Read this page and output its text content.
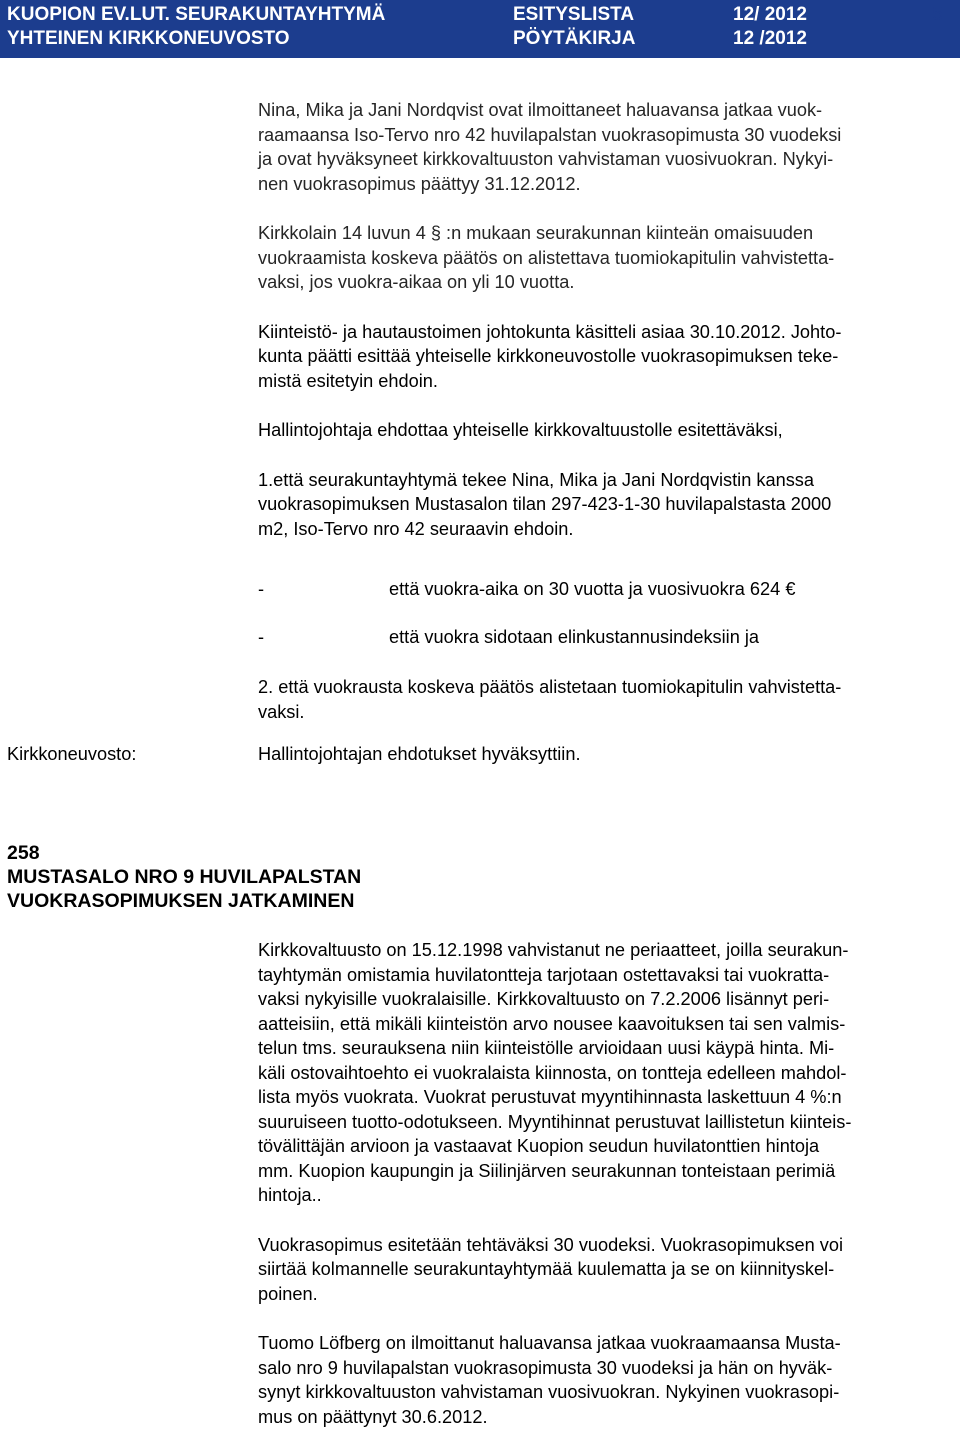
KUOPION EV.LUT. SEURAKUNTAYHTYMÄ
YHTEINEN KIRKKONEUVOSTO
ESITYSLISTA
PÖYTÄKIRJA
12/ 2012
12 /2012
5

Nina, Mika ja Jani Nordqvist ovat ilmoittaneet haluavansa jatkaa vuok-
raamaansa Iso-Tervo nro 42 huvilapalstan vuokrasopimusta 30 vuodeksi
ja ovat hyväksyneet kirkkovaltuuston vahvistaman vuosivuokran. Nykyi-
nen vuokrasopimus päättyy 31.12.2012.

Kirkkolain 14 luvun 4 § :n mukaan seurakunnan kiinteän omaisuuden
vuokraamista koskeva päätös on alistettava tuomiokapitulin vahvistetta-
vaksi, jos vuokra-aikaa on yli 10 vuotta.

Kiinteistö- ja hautaustoimen johtokunta käsitteli asiaa 30.10.2012. Johto-
kunta päätti esittää yhteiselle kirkkoneuvostolle vuokrasopimuksen teke-
mistä esitetyin ehdoin.

Hallintojohtaja ehdottaa yhteiselle kirkkovaltuustolle esitettäväksi,

1.että seurakuntayhtymä tekee Nina, Mika ja Jani Nordqvistin kanssa
vuokrasopimuksen Mustasalon tilan 297-423-1-30 huvilapalstasta 2000
m2, Iso-Tervo nro 42 seuraavin ehdoin.

-	että vuokra-aika on 30 vuotta ja vuosivuokra 624 €
-	että vuokra sidotaan elinkustannusindeksiin ja

2. että vuokrausta koskeva päätös alistetaan tuomiokapitulin vahvistetta-
vaksi.

Kirkkoneuvosto:	Hallintojohtajan ehdotukset hyväksyttiin.
258
MUSTASALO NRO 9 HUVILAPALSTAN
VUOKRASOPIMUKSEN JATKAMINEN

Kirkkovaltuusto on 15.12.1998 vahvistanut ne periaatteet, joilla seurakun-
tayhtymän omistamia huvilatontteja tarjotaan ostettavaksi tai vuokratta-
vaksi nykyisille vuokralaisille. Kirkkovaltuusto on 7.2.2006 lisännyt peri-
aatteisiin, että mikäli kiinteistön arvo nousee kaavoituksen tai sen valmis-
telun tms. seurauksena niin kiinteistölle arvioidaan uusi käypä hinta. Mi-
käli ostovaihtoehto ei vuokralaista kiinnosta, on tontteja edelleen mahdol-
lista myös vuokrata. Vuokrat perustuvat myyntihinnasta laskettuun 4 %:n
suuruiseen tuotto-odotukseen. Myyntihinnat perustuvat laillistetun kiinteis-
tövälittäjän arvioon ja vastaavat Kuopion seudun huvilatonttien hintoja
mm. Kuopion kaupungin ja Siilinjärven seurakunnan tonteistaan perimiä
hintoja..

Vuokrasopimus esitetään tehtäväksi 30 vuodeksi. Vuokrasopimuksen voi
siirtää kolmannelle seurakuntayhtymää kuulematta ja se on kiinnityskel-
poinen.

Tuomo Löfberg on ilmoittanut haluavansa jatkaa vuokraamaansa Musta-
salo nro 9 huvilapalstan vuokrasopimusta 30 vuodeksi ja hän on hyväk-
synyt kirkkovaltuuston vahvistaman vuosivuokran. Nykyinen vuokrasopi-
mus on päättynyt 30.6.2012.
